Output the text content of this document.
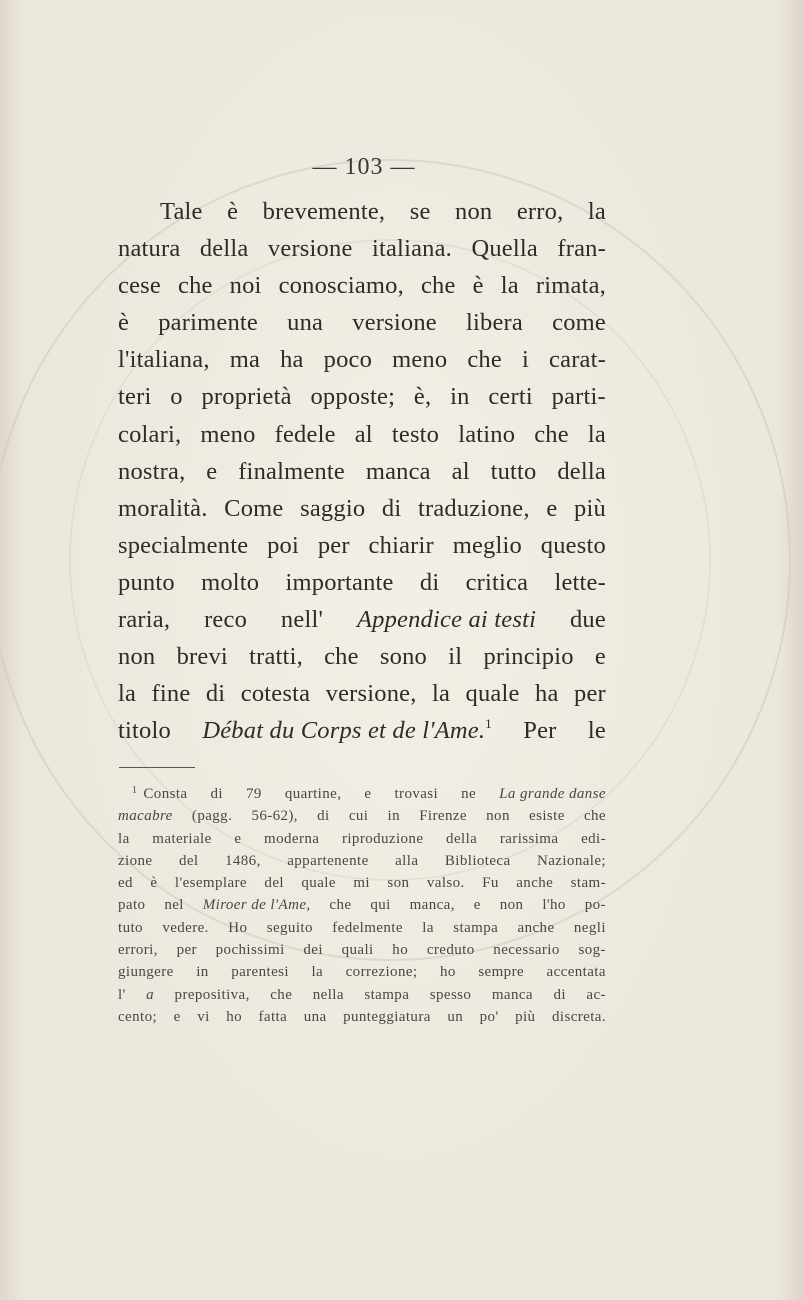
— 103 —
Tale è brevemente, se non erro, la
natura della versione italiana. Quella fran-
cese che noi conosciamo, che è la rimata,
è parimente una versione libera come
l'italiana, ma ha poco meno che i carat-
teri o proprietà opposte; è, in certi parti-
colari, meno fedele al testo latino che la
nostra, e finalmente manca al tutto della
moralità. Come saggio di traduzione, e più
specialmente poi per chiarir meglio questo
punto molto importante di critica lette-
raria, reco nell' Appendice ai testi due
non brevi tratti, che sono il principio e
la fine di cotesta versione, la quale ha per
titolo Débat du Corps et de l'Ame.$^1$ Per le
$^1$ Consta di 79 quartine, e trovasi ne La grande danse
macabre (pagg. 56-62), di cui in Firenze non esiste che
la materiale e moderna riproduzione della rarissima edi-
zione del 1486, appartenente alla Biblioteca Nazionale;
ed è l'esemplare del quale mi son valso. Fu anche stam-
pato nel Miroer de l'Ame, che qui manca, e non l'ho po-
tuto vedere. Ho seguito fedelmente la stampa anche negli
errori, per pochissimi dei quali ho creduto necessario sog-
giungere in parentesi la correzione; ho sempre accentata
l' a prepositiva, che nella stampa spesso manca di ac-
cento; e vi ho fatta una punteggiatura un po' più discreta.
